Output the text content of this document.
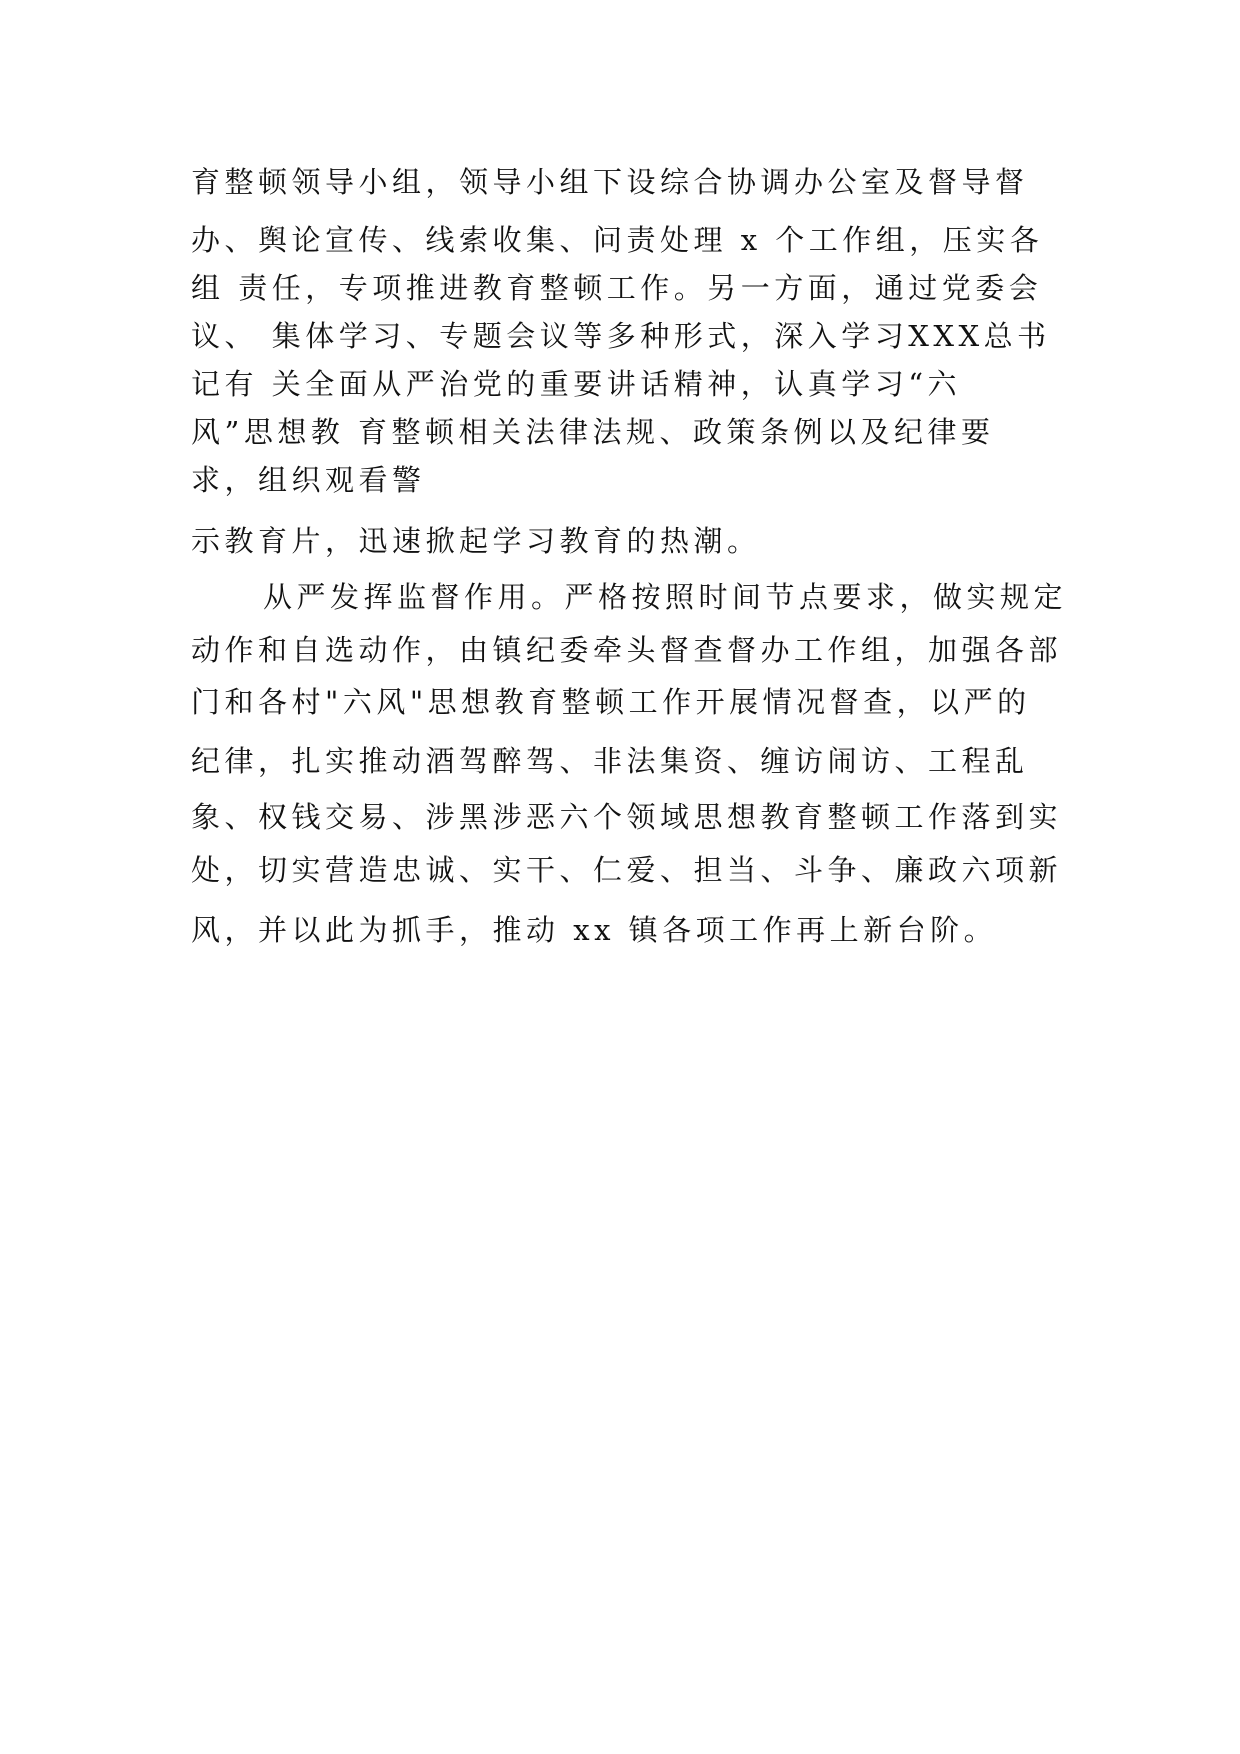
育整顿领导小组，领导小组下设综合协调办公室及督导督
办、舆论宣传、线索收集、问责处理 x 个工作组，压实各
组 责任，专项推进教育整顿工作。另一方面，通过党委会
议、 集体学习、专题会议等多种形式，深入学习XXX总书
记有 关全面从严治党的重要讲话精神，认真学习“六
风”思想教 育整顿相关法律法规、政策条例以及纪律要
求，组织观看警
示教育片，迅速掀起学习教育的热潮。
从严发挥监督作用。严格按照时间节点要求，做实规定
动作和自选动作，由镇纪委牵头督查督办工作组，加强各部
门和各村"六风"思想教育整顿工作开展情况督查，以严的
纪律，扎实推动酒驾醉驾、非法集资、缠访闹访、工程乱
象、权钱交易、涉黑涉恶六个领域思想教育整顿工作落到实
处，切实营造忠诚、实干、仁爱、担当、斗争、廉政六项新
风，并以此为抓手，推动 xx 镇各项工作再上新台阶。
